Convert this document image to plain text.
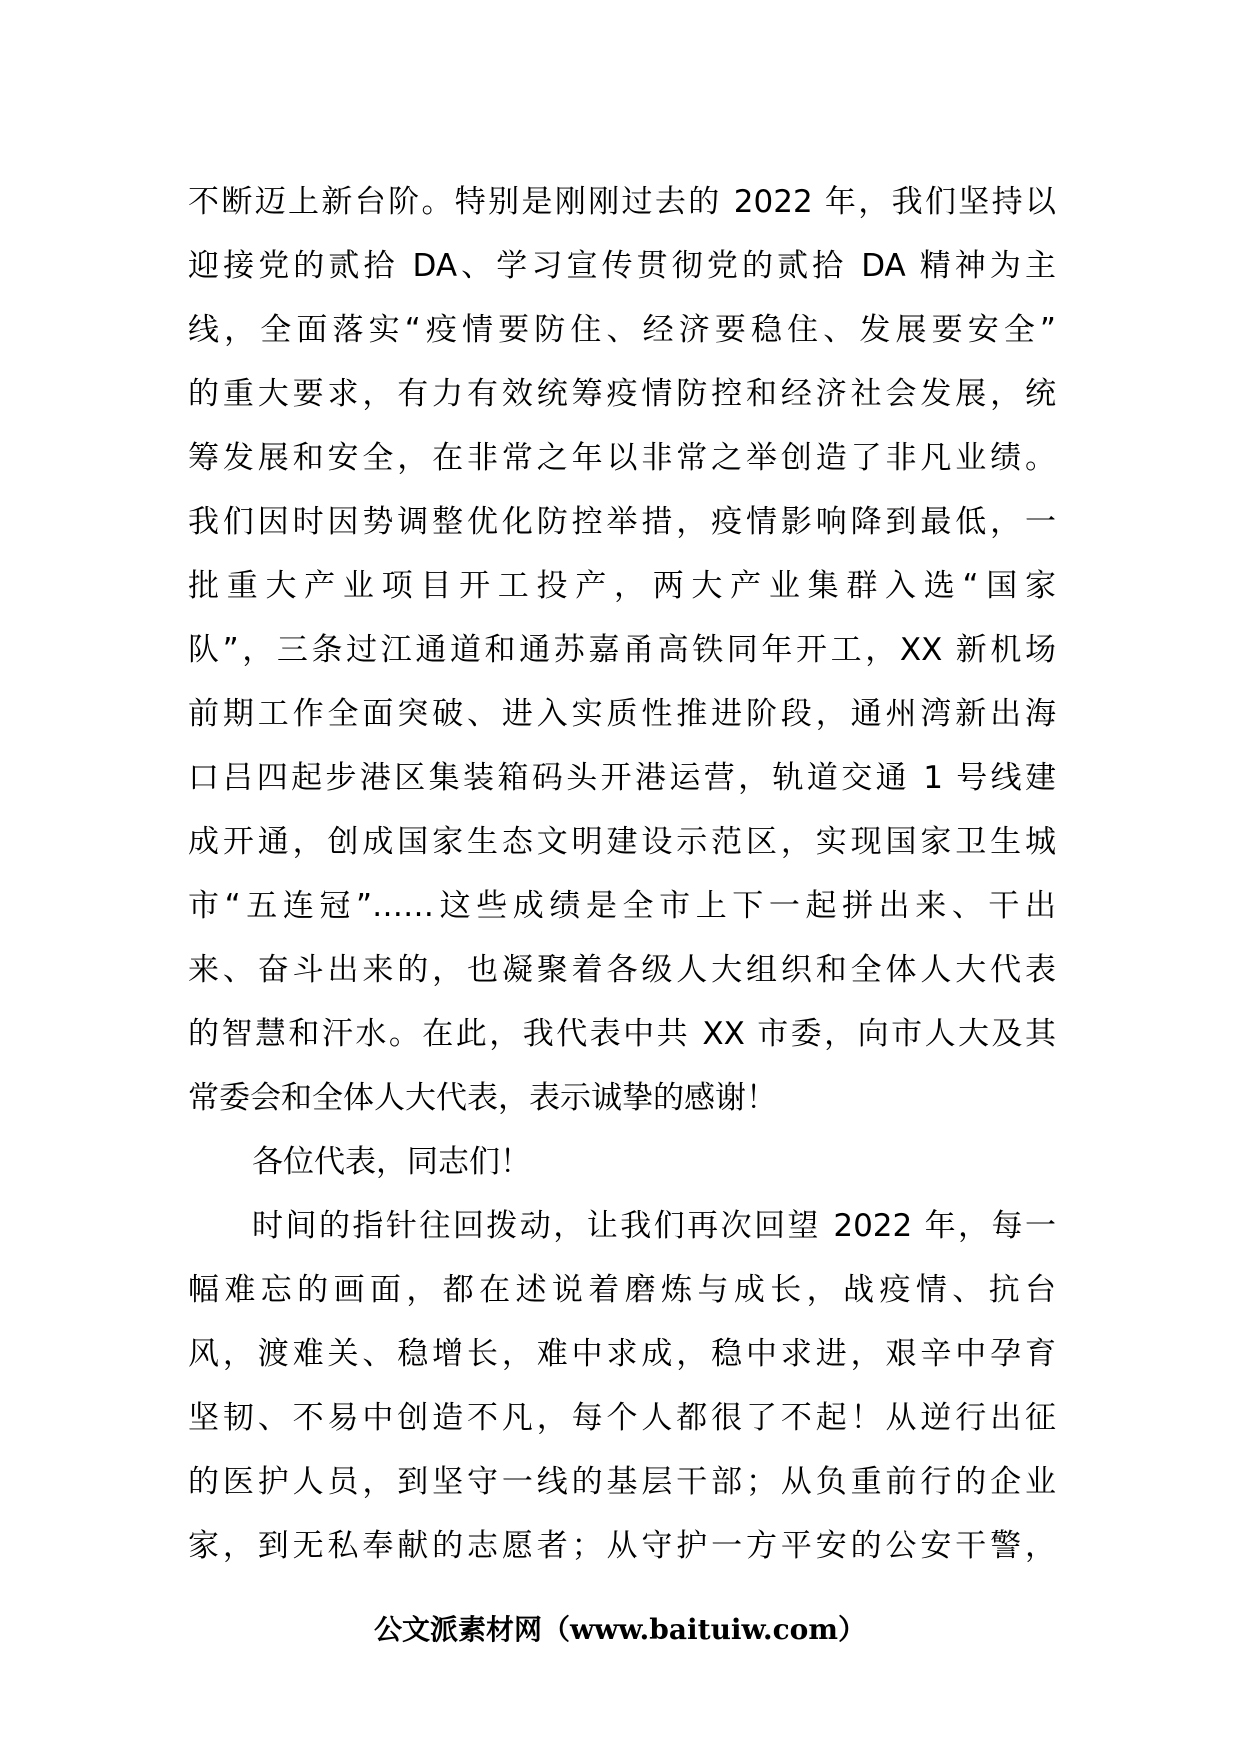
不断迈上新台阶。特别是刚刚过去的 2022 年，我们坚持以
迎接党的贰拾 DA、学习宣传贯彻党的贰拾 DA 精神为主
线，全面落实“疫情要防住、经济要稳住、发展要安全”
的重大要求，有力有效统筹疫情防控和经济社会发展，统
筹发展和安全，在非常之年以非常之举创造了非凡业绩。
我们因时因势调整优化防控举措，疫情影响降到最低，一
批重大产业项目开工投产，两大产业集群入选“国家
队”，三条过江通道和通苏嘉甬高铁同年开工，XX 新机场
前期工作全面突破、进入实质性推进阶段，通州湾新出海
口吕四起步港区集装箱码头开港运营，轨道交通 1 号线建
成开通，创成国家生态文明建设示范区，实现国家卫生城
市“五连冠”……这些成绩是全市上下一起拼出来、干出
来、奋斗出来的，也凝聚着各级人大组织和全体人大代表
的智慧和汗水。在此，我代表中共 XX 市委，向市人大及其
常委会和全体人大代表，表示诚挚的感谢！
各位代表，同志们！
时间的指针往回拨动，让我们再次回望 2022 年，每一
幅难忘的画面，都在述说着磨炼与成长，战疫情、抗台
风，渡难关、稳增长，难中求成，稳中求进，艰辛中孕育
坚韧、不易中创造不凡，每个人都很了不起！从逆行出征
的医护人员，到坚守一线的基层干部；从负重前行的企业
家，到无私奉献的志愿者；从守护一方平安的公安干警，
公文派素材网（www.baituiw.com）
